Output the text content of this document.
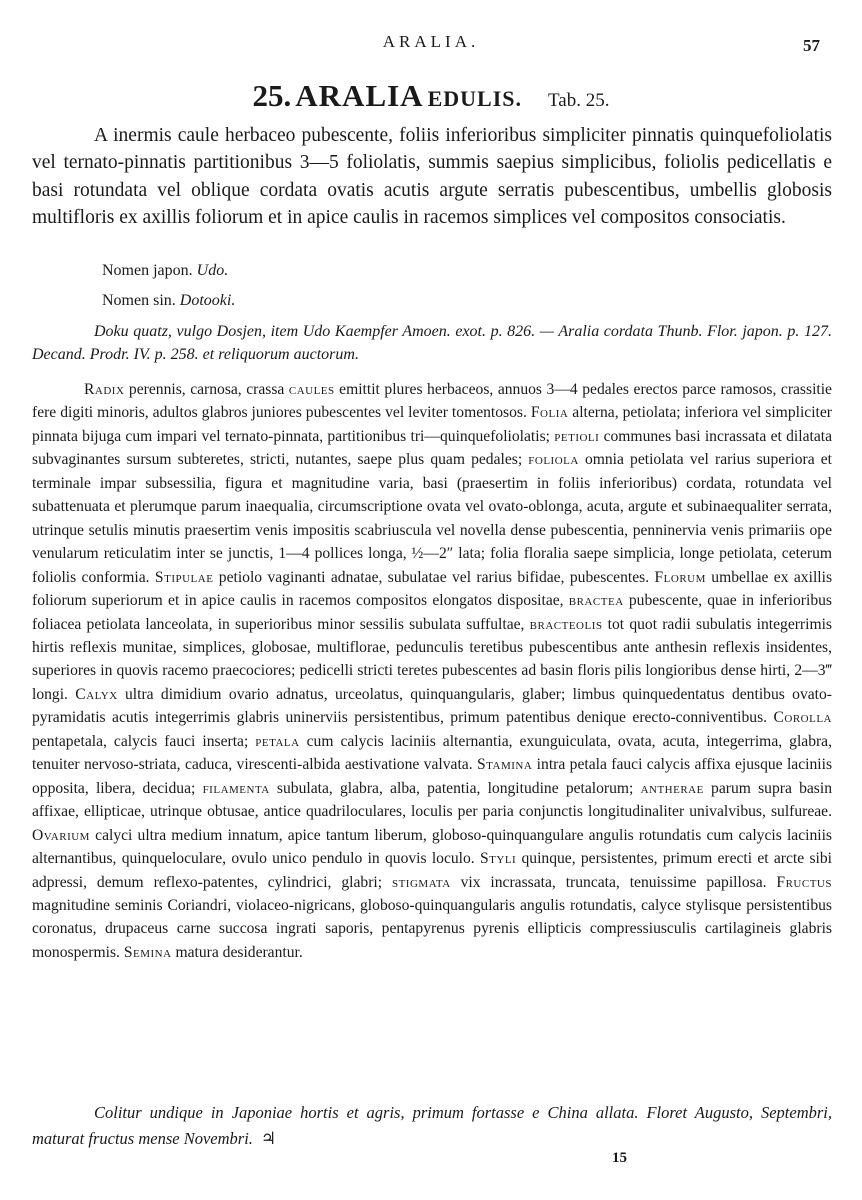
ARALIA.	57
25. ARALIA EDULIS. Tab. 25.

A inermis caule herbaceo pubescente, foliis inferioribus simpliciter pinnatis quinquefoliolatis vel ternato-pinnatis partitionibus 3—5 foliolatis, summis saepius simplicibus, foliolis pedicellatis e basi rotundata vel oblique cordata ovatis acutis argute serratis pubescentibus, umbellis globosis multifloris ex axillis foliorum et in apice caulis in racemos simplices vel compositos consociatis.

Nomen japon. Udo.

Nomen sin. Dotooki.

Doku quatz, vulgo Dosjen, item Udo Kaempfer Amoen. exot. p. 826. — Aralia cordata Thunb. Flor. japon. p. 127. Decand. Prodr. IV. p. 258. et reliquorum auctorum.

Radix perennis, carnosa, crassa caules emittit plures herbaceos, annuos 3—4 pedales erectos parce ramosos, crassitie fere digiti minoris, adultos glabros juniores pubescentes vel leviter tomentosos. Folia alterna, petiolata; inferiora vel simpliciter pinnata bijuga cum impari vel ternato-pinnata, partitionibus tri—quinquefoliolatis; petioli communes basi incrassata et dilatata subvaginantes sursum subteretes, stricti, nutantes, saepe plus quam pedales; foliola omnia petiolata vel rarius superiora et terminale impar subsessilia, figura et magnitudine varia, basi (praesertim in foliis inferioribus) cordata, rotundata vel subattenuata et plerumque parum inaequalia, circumscriptione ovata vel ovato-oblonga, acuta, argute et subinaequaliter serrata, utrinque setulis minutis praesertim venis impositis scabriuscula vel novella dense pubescentia, penninervia venis primariis ope venularum reticulatim inter se junctis, 1—4 pollices longa, ½—2″ lata; folia floralia saepe simplicia, longe petiolata, ceterum foliolis conformia. Stipulae petiolo vaginanti adnatae, subulatae vel rarius bifidae, pubescentes. Florum umbellae ex axillis foliorum superiorum et in apice caulis in racemos compositos elongatos dispositae, bractea pubescente, quae in inferioribus foliacea petiolata lanceolata, in superioribus minor sessilis subulata suffultae, bracteolis tot quot radii subulatis integerrimis hirtis reflexis munitae, simplices, globosae, multiflorae, pedunculis teretibus pubescentibus ante anthesin reflexis insidentes, superiores in quovis racemo praecociores; pedicelli stricti teretes pubescentes ad basin floris pilis longioribus dense hirti, 2—3‴ longi. Calyx ultra dimidium ovario adnatus, urceolatus, quinquangularis, glaber; limbus quinquedentatus dentibus ovato-pyramidatis acutis integerrimis glabris uninerviis persistentibus, primum patentibus denique erecto-conniventibus. Corolla pentapetala, calycis fauci inserta; petala cum calycis laciniis alternantia, exunguiculata, ovata, acuta, integerrima, glabra, tenuiter nervoso-striata, caduca, virescenti-albida aestivatione valvata. Stamina intra petala fauci calycis affixa ejusque laciniis opposita, libera, decidua; filamenta subulata, glabra, alba, patentia, longitudine petalorum; antherae parum supra basin affixae, ellipticae, utrinque obtusae, antice quadriloculares, loculis per paria conjunctis longitudinaliter univalvibus, sulfureae. Ovarium calyci ultra medium innatum, apice tantum liberum, globoso-quinquangulare angulis rotundatis cum calycis laciniis alternantibus, quinqueloculare, ovulo unico pendulo in quovis loculo. Styli quinque, persistentes, primum erecti et arcte sibi adpressi, demum reflexo-patentes, cylindrici, glabri; stigmata vix incrassata, truncata, tenuissime papillosa. Fructus magnitudine seminis Coriandri, violaceo-nigricans, globoso-quinquangularis angulis rotundatis, calyce stylisque persistentibus coronatus, drupaceus carne succosa ingrati saporis, pentapyrenus pyrenis ellipticis compressiusculis cartilagineis glabris monospermis. Semina matura desiderantur.

Colitur undique in Japoniae hortis et agris, primum fortasse e China allata. Floret Augusto, Septembri, maturat fructus mense Novembri. ♃

15
